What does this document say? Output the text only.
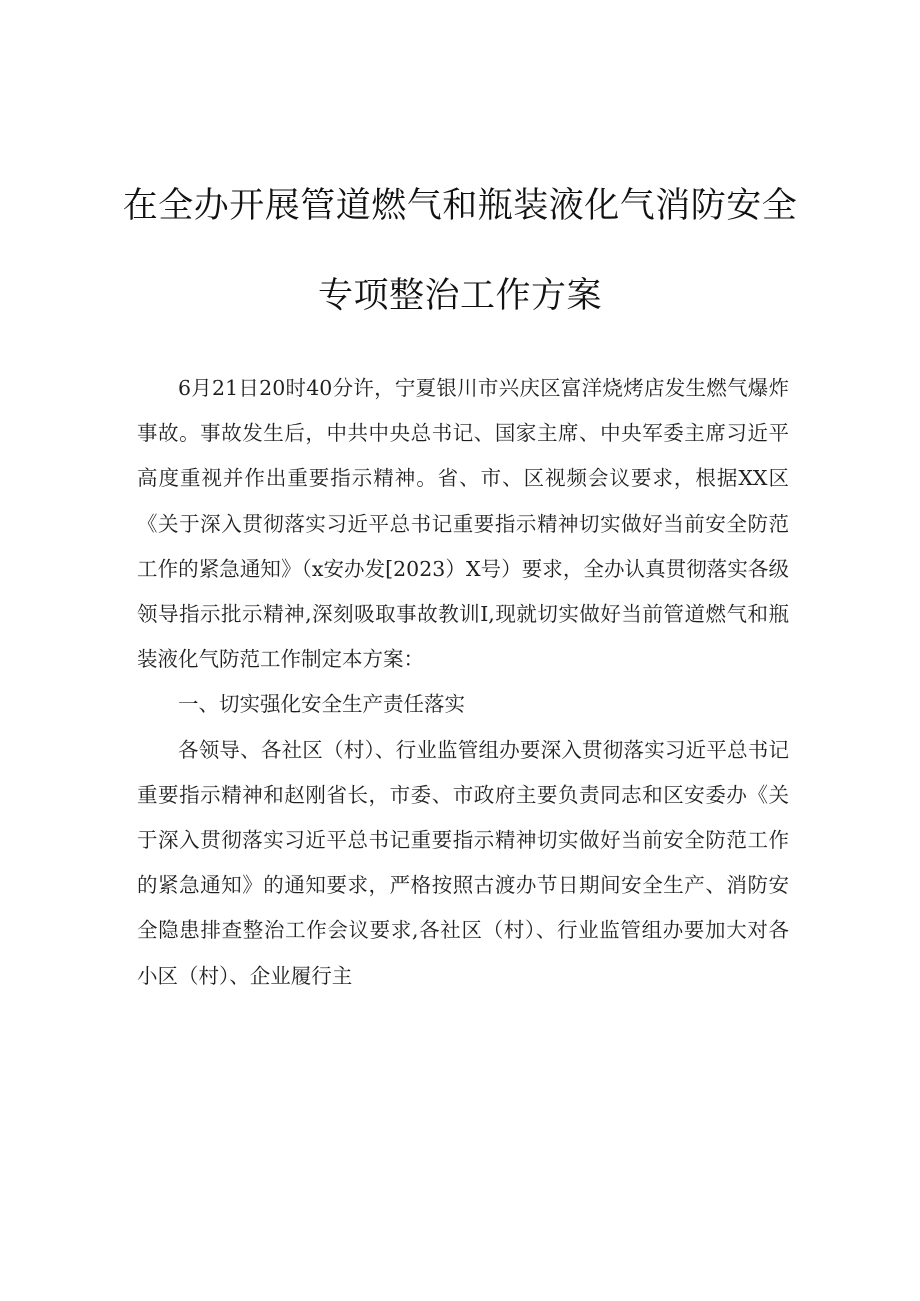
在全办开展管道燃气和瓶装液化气消防安全
专项整治工作方案

6月21日20时40分许，宁夏银川市兴庆区富洋烧烤店发生燃气爆炸事故。事故发生后，中共中央总书记、国家主席、中央军委主席习近平高度重视并作出重要指示精神。省、市、区视频会议要求，根据XX区《关于深入贯彻落实习近平总书记重要指示精神切实做好当前安全防范工作的紧急通知》（x安办发[2023）X号）要求，全办认真贯彻落实各级领导指示批示精神,深刻吸取事故教训I,现就切实做好当前管道燃气和瓶装液化气防范工作制定本方案：

一、切实强化安全生产责任落实

各领导、各社区（村）、行业监管组办要深入贯彻落实习近平总书记重要指示精神和赵刚省长，市委、市政府主要负责同志和区安委办《关于深入贯彻落实习近平总书记重要指示精神切实做好当前安全防范工作的紧急通知》的通知要求，严格按照古渡办节日期间安全生产、消防安全隐患排查整治工作会议要求,各社区（村）、行业监管组办要加大对各小区（村）、企业履行主
